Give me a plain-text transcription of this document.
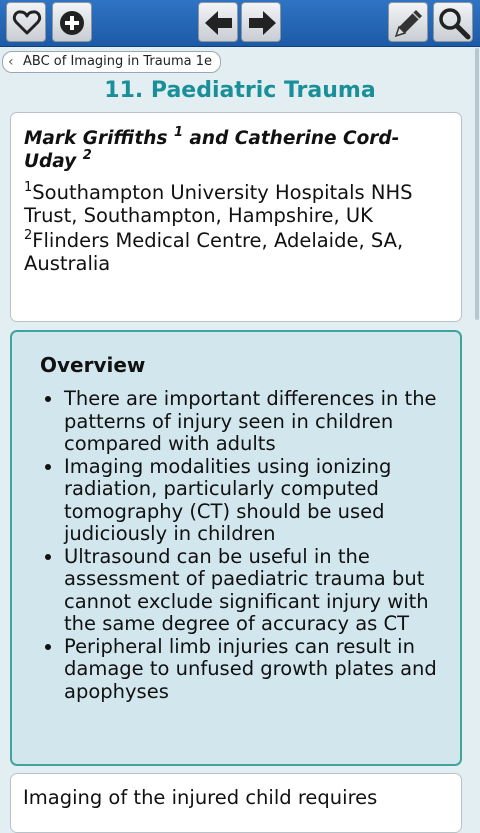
‹ ABC of Imaging in Trauma 1e
11. Paediatric Trauma
Mark Griffiths $^1$ and Catherine Cord-Uday $^2$
$^1$Southampton University Hospitals NHS Trust, Southampton, Hampshire, UK
$^2$Flinders Medical Centre, Adelaide, SA, Australia
Overview
• There are important differences in the patterns of injury seen in children compared with adults
• Imaging modalities using ionizing radiation, particularly computed tomography (CT) should be used judiciously in children
• Ultrasound can be useful in the assessment of paediatric trauma but cannot exclude significant injury with the same degree of accuracy as CT
• Peripheral limb injuries can result in damage to unfused growth plates and apophyses

Imaging of the injured child requires
